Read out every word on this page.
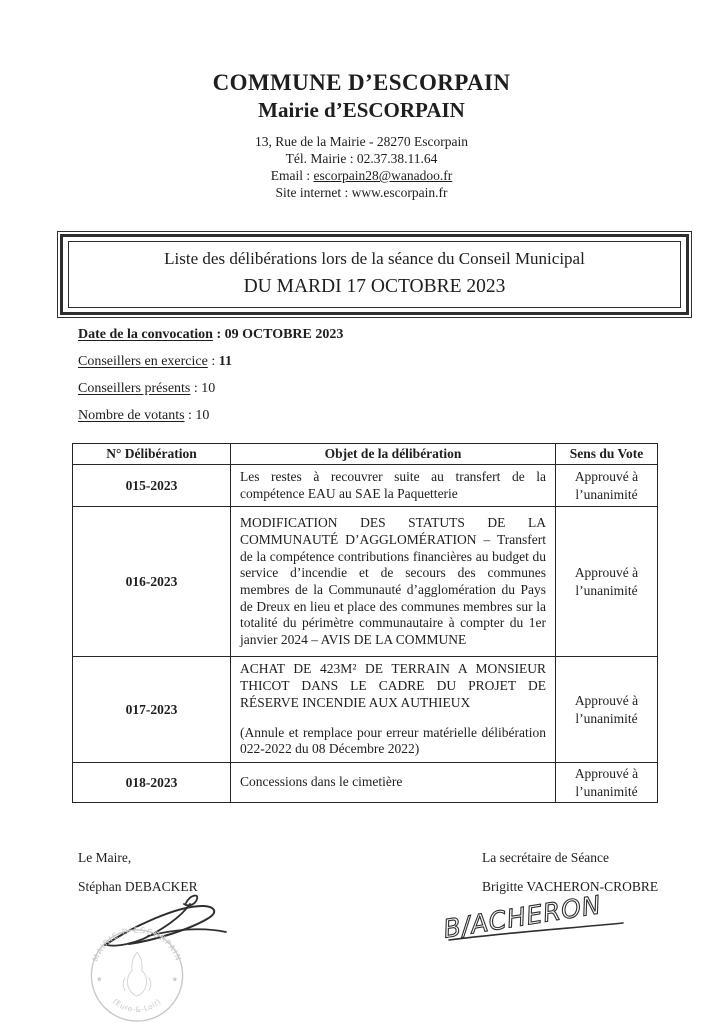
COMMUNE D’ESCORPAIN
Mairie d’ESCORPAIN
13, Rue de la Mairie - 28270 Escorpain
Tél. Mairie : 02.37.38.11.64
Email : escorpain28@wanadoo.fr
Site internet : www.escorpain.fr
Liste des délibérations lors de la séance du Conseil Municipal
DU MARDI 17 OCTOBRE 2023

Date de la convocation : 09 OCTOBRE 2023

Conseillers en exercice : 11

Conseillers présents : 10

Nombre de votants : 10

N° Délibération	Objet de la délibération	Sens du Vote
015-2023	Les restes à recouvrer suite au transfert de la compétence EAU au SAE la Paquetterie	Approuvé à l’unanimité
016-2023	MODIFICATION DES STATUTS DE LA COMMUNAUTÉ D’AGGLOMÉRATION – Transfert de la compétence contributions financières au budget du service d’incendie et de secours des communes membres de la Communauté d’agglomération du Pays de Dreux en lieu et place des communes membres sur la totalité du périmètre communautaire à compter du 1er janvier 2024 – AVIS DE LA COMMUNE	Approuvé à l’unanimité
017-2023	ACHAT DE 423M² DE TERRAIN A MONSIEUR THICOT DANS LE CADRE DU PROJET DE RÉSERVE INCENDIE AUX AUTHIEUX

(Annule et remplace pour erreur matérielle délibération 022-2022 du 08 Décembre 2022)	Approuvé à l’unanimité
018-2023	Concessions dans le cimetière	Approuvé à l’unanimité

Le Maire,

Stéphan DEBACKER

La secrétaire de Séance

Brigitte VACHERON-CROBRE

B/ACHERON
MAIRIE D’ESCORPAIN
(Eure-&-Loir)
★	★
